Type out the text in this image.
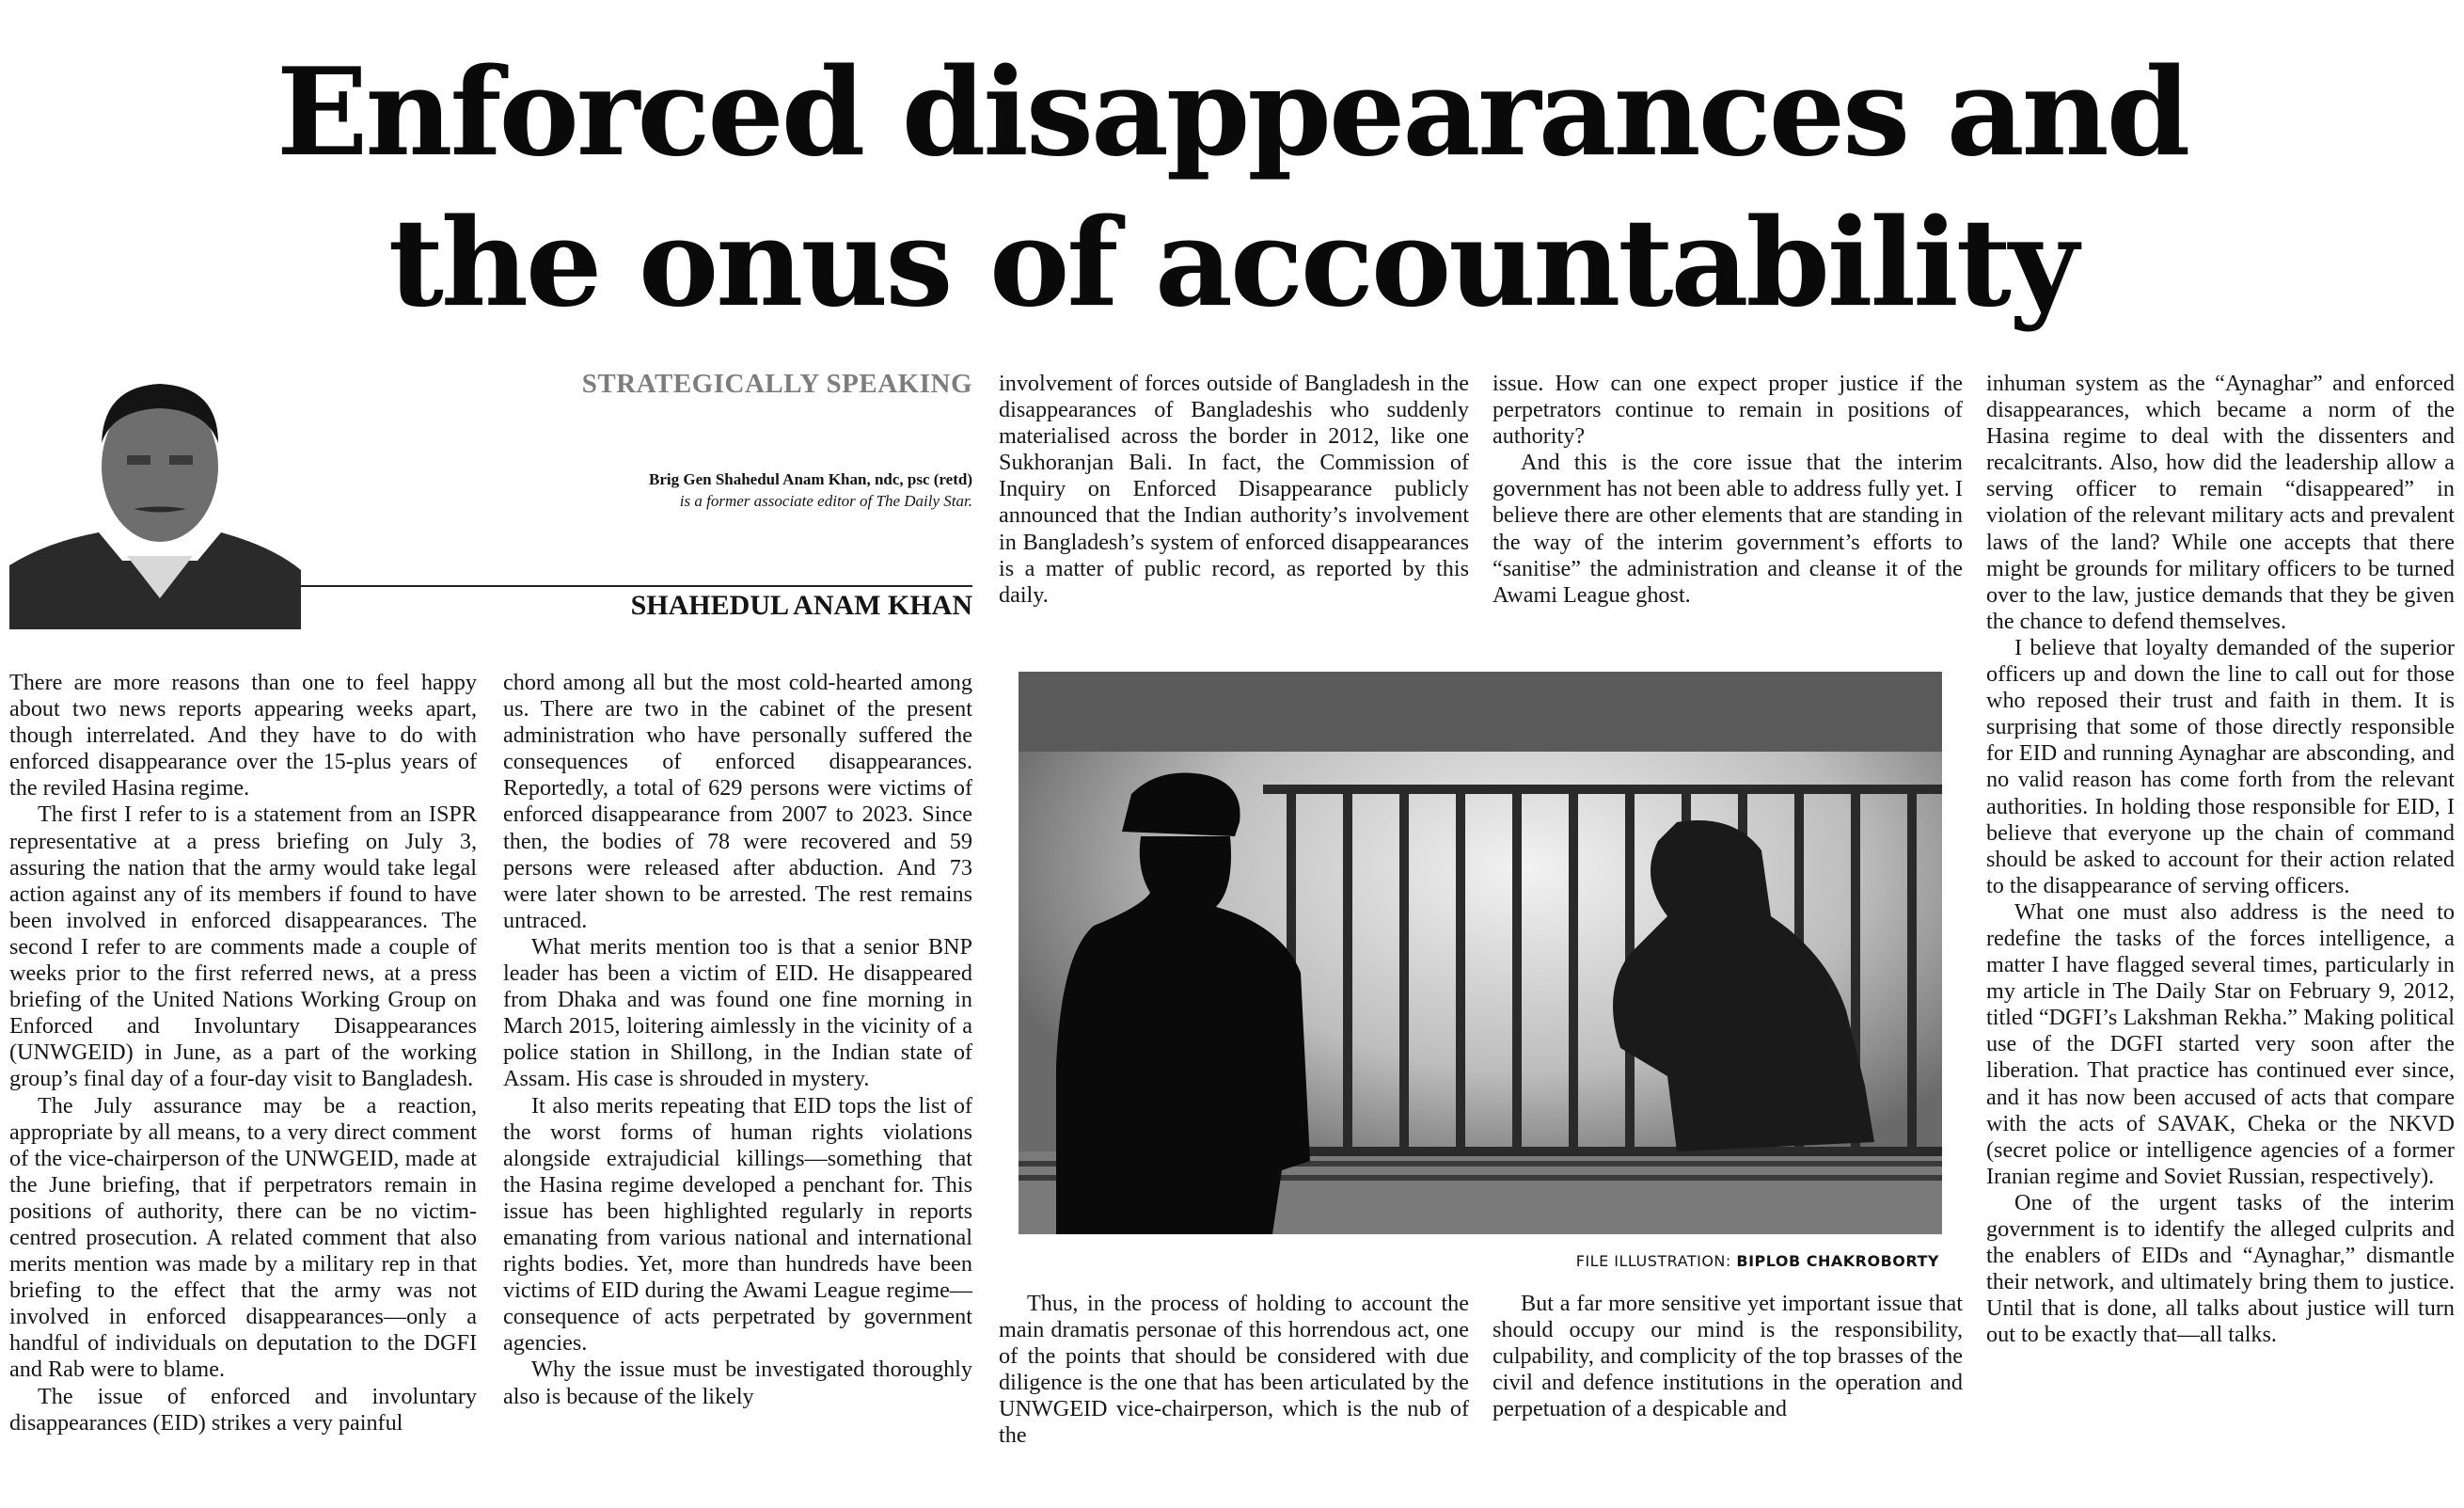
Enforced disappearances and
the onus of accountability
STRATEGICALLY SPEAKING
Brig Gen Shahedul Anam Khan, ndc, psc (retd)
is a former associate editor of The Daily Star.
SHAHEDUL ANAM KHAN

There are more reasons than one to feel happy about two news reports appearing weeks apart, though interrelated. And they have to do with enforced disappearance over the 15-plus years of the reviled Hasina regime.

The first I refer to is a statement from an ISPR representative at a press briefing on July 3, assuring the nation that the army would take legal action against any of its members if found to have been involved in enforced disappearances. The second I refer to are comments made a couple of weeks prior to the first referred news, at a press briefing of the United Nations Working Group on Enforced and Involuntary Disappearances (UNWGEID) in June, as a part of the working group’s final day of a four-day visit to Bangladesh.

The July assurance may be a reaction, appropriate by all means, to a very direct comment of the vice-chairperson of the UNWGEID, made at the June briefing, that if perpetrators remain in positions of authority, there can be no victim-centred prosecution. A related comment that also merits mention was made by a military rep in that briefing to the effect that the army was not involved in enforced disappearances—only a handful of individuals on deputation to the DGFI and Rab were to blame.

The issue of enforced and involuntary disappearances (EID) strikes a very painful

chord among all but the most cold-hearted among us. There are two in the cabinet of the present administration who have personally suffered the consequences of enforced disappearances. Reportedly, a total of 629 persons were victims of enforced disappearance from 2007 to 2023. Since then, the bodies of 78 were recovered and 59 persons were released after abduction. And 73 were later shown to be arrested. The rest remains untraced.

What merits mention too is that a senior BNP leader has been a victim of EID. He disappeared from Dhaka and was found one fine morning in March 2015, loitering aimlessly in the vicinity of a police station in Shillong, in the Indian state of Assam. His case is shrouded in mystery.

It also merits repeating that EID tops the list of the worst forms of human rights violations alongside extrajudicial killings—something that the Hasina regime developed a penchant for. This issue has been highlighted regularly in reports emanating from various national and international rights bodies. Yet, more than hundreds have been victims of EID during the Awami League regime—consequence of acts perpetrated by government agencies.

Why the issue must be investigated thoroughly also is because of the likely

involvement of forces outside of Bangladesh in the disappearances of Bangladeshis who suddenly materialised across the border in 2012, like one Sukhoranjan Bali. In fact, the Commission of Inquiry on Enforced Disappearance publicly announced that the Indian authority’s involvement in Bangladesh’s system of enforced disappearances is a matter of public record, as reported by this daily.

issue. How can one expect proper justice if the perpetrators continue to remain in positions of authority?

And this is the core issue that the interim government has not been able to address fully yet. I believe there are other elements that are standing in the way of the interim government’s efforts to “sanitise” the administration and cleanse it of the Awami League ghost.

FILE ILLUSTRATION: BIPLOB CHAKROBORTY

Thus, in the process of holding to account the main dramatis personae of this horrendous act, one of the points that should be considered with due diligence is the one that has been articulated by the UNWGEID vice-chairperson, which is the nub of the

But a far more sensitive yet important issue that should occupy our mind is the responsibility, culpability, and complicity of the top brasses of the civil and defence institutions in the operation and perpetuation of a despicable and

inhuman system as the “Aynaghar” and enforced disappearances, which became a norm of the Hasina regime to deal with the dissenters and recalcitrants. Also, how did the leadership allow a serving officer to remain “disappeared” in violation of the relevant military acts and prevalent laws of the land? While one accepts that there might be grounds for military officers to be turned over to the law, justice demands that they be given the chance to defend themselves.

I believe that loyalty demanded of the superior officers up and down the line to call out for those who reposed their trust and faith in them. It is surprising that some of those directly responsible for EID and running Aynaghar are absconding, and no valid reason has come forth from the relevant authorities. In holding those responsible for EID, I believe that everyone up the chain of command should be asked to account for their action related to the disappearance of serving officers.

What one must also address is the need to redefine the tasks of the forces intelligence, a matter I have flagged several times, particularly in my article in The Daily Star on February 9, 2012, titled “DGFI’s Lakshman Rekha.” Making political use of the DGFI started very soon after the liberation. That practice has continued ever since, and it has now been accused of acts that compare with the acts of SAVAK, Cheka or the NKVD (secret police or intelligence agencies of a former Iranian regime and Soviet Russian, respectively).

One of the urgent tasks of the interim government is to identify the alleged culprits and the enablers of EIDs and “Aynaghar,” dismantle their network, and ultimately bring them to justice. Until that is done, all talks about justice will turn out to be exactly that—all talks.
